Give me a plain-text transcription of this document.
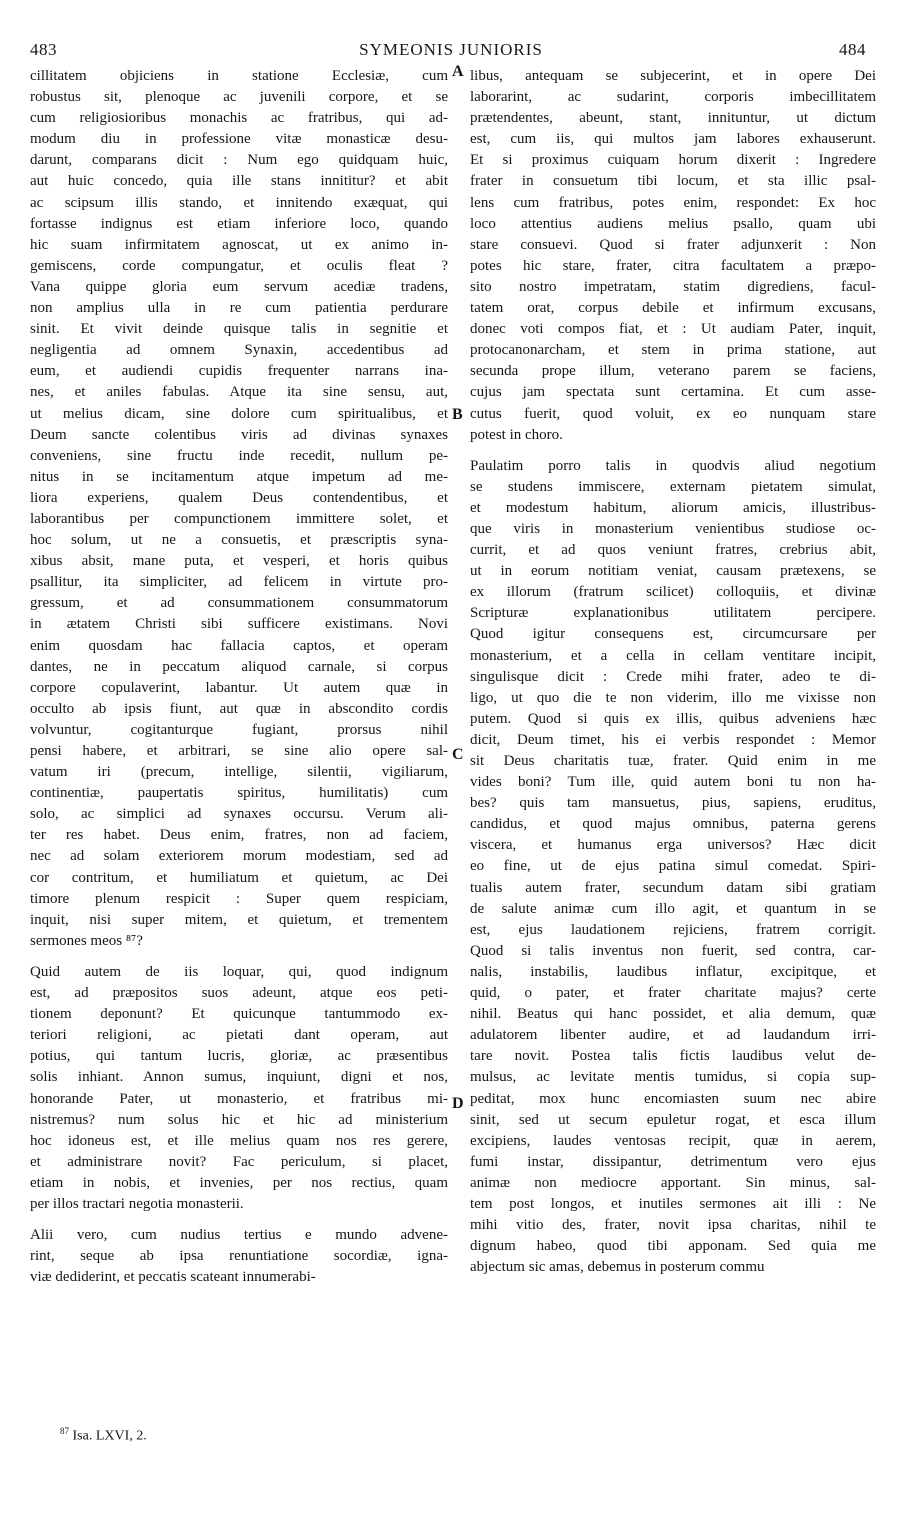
483	SYMEONIS JUNIORIS	484
cillitatem objiciens in statione Ecclesiæ, cum
robustus sit, plenoque ac juvenili corpore, et se
cum religiosioribus monachis ac fratribus, qui ad-
modum diu in professione vitæ monasticæ desu-
darunt, comparans dicit : Num ego quidquam huic,
aut huic concedo, quia ille stans innititur? et abit
ac scipsum illis stando, et innitendo exæquat, qui
fortasse indignus est etiam inferiore loco, quando
hic suam infirmitatem agnoscat, ut ex animo in-
gemiscens, corde compungatur, et oculis fleat ?
Vana quippe gloria eum servum acediæ tradens,
non amplius ulla in re cum patientia perdurare
sinit. Et vivit deinde quisque talis in segnitie et
negligentia ad omnem Synaxin, accedentibus ad
eum, et audiendi cupidis frequenter narrans ina-
nes, et aniles fabulas. Atque ita sine sensu, aut,
ut melius dicam, sine dolore cum spiritualibus, et
Deum sancte colentibus viris ad divinas synaxes
conveniens, sine fructu inde recedit, nullum pe-
nitus in se incitamentum atque impetum ad me-
liora experiens, qualem Deus contendentibus, et
laborantibus per compunctionem immittere solet, et
hoc solum, ut ne a consuetis, et præscriptis syna-
xibus absit, mane puta, et vesperi, et horis quibus
psallitur, ita simpliciter, ad felicem in virtute pro-
gressum, et ad consummationem consummatorum
in ætatem Christi sibi sufficere existimans. Novi
enim quosdam hac fallacia captos, et operam
dantes, ne in peccatum aliquod carnale, si corpus
corpore copulaverint, labantur. Ut autem quæ in
occulto ab ipsis fiunt, aut quæ in abscondito cordis
volvuntur, cogitanturque fugiant, prorsus nihil
pensi habere, et arbitrari, se sine alio opere sal-
vatum iri (precum, intellige, silentii, vigiliarum,
continentiæ, paupertatis spiritus, humilitatis) cum
solo, ac simplici ad synaxes occursu. Verum ali-
ter res habet. Deus enim, fratres, non ad faciem,
nec ad solam exteriorem morum modestiam, sed ad
cor contritum, et humiliatum et quietum, ac Dei
timore plenum respicit : Super quem respiciam,
inquit, nisi super mitem, et quietum, et trementem
sermones meos ⁸⁷?
Quid autem de iis loquar, qui, quod indignum
est, ad præpositos suos adeunt, atque eos peti-
tionem deponunt? Et quicunque tantummodo ex-
teriori religioni, ac pietati dant operam, aut
potius, qui tantum lucris, gloriæ, ac præsentibus
solis inhiant. Annon sumus, inquiunt, digni et nos,
honorande Pater, ut monasterio, et fratribus mi-
nistremus? num solus hic et hic ad ministerium
hoc idoneus est, et ille melius quam nos res gerere,
et administrare novit? Fac periculum, si placet,
etiam in nobis, et invenies, per nos rectius, quam
per illos tractari negotia monasterii.
Alii vero, cum nudius tertius e mundo advene-
rint, seque ab ipsa renuntiatione socordiæ, igna-
viæ dediderint, et peccatis scateant innumerabi-
libus, antequam se subjecerint, et in opere Dei
laborarint, ac sudarint, corporis imbecillitatem
prætendentes, abeunt, stant, innituntur, ut dictum
est, cum iis, qui multos jam labores exhauserunt.
Et si proximus cuiquam horum dixerit : Ingredere
frater in consuetum tibi locum, et sta illic psal-
lens cum fratribus, potes enim, respondet: Ex hoc
loco attentius audiens melius psallo, quam ubi
stare consuevi. Quod si frater adjunxerit : Non
potes hic stare, frater, citra facultatem a præpo-
sito nostro impetratam, statim digrediens, facul-
tatem orat, corpus debile et infirmum excusans,
donec voti compos fiat, et : Ut audiam Pater, inquit,
protocanonarcham, et stem in prima statione, aut
secunda prope illum, veterano parem se faciens,
cujus jam spectata sunt certamina. Et cum asse-
cutus fuerit, quod voluit, ex eo nunquam stare
potest in choro.
Paulatim porro talis in quodvis aliud negotium
se studens immiscere, externam pietatem simulat,
et modestum habitum, aliorum amicis, illustribus-
que viris in monasterium venientibus studiose oc-
currit, et ad quos veniunt fratres, crebrius abit,
ut in eorum notitiam veniat, causam prætexens, se
ex illorum (fratrum scilicet) colloquiis, et divinæ
Scripturæ explanationibus utilitatem percipere.
Quod igitur consequens est, circumcursare per
monasterium, et a cella in cellam ventitare incipit,
singulisque dicit : Crede mihi frater, adeo te di-
ligo, ut quo die te non viderim, illo me vixisse non
putem. Quod si quis ex illis, quibus adveniens hæc
dicit, Deum timet, his ei verbis respondet : Memor
sit Deus charitatis tuæ, frater. Quid enim in me
vides boni? Tum ille, quid autem boni tu non ha-
bes? quis tam mansuetus, pius, sapiens, eruditus,
candidus, et quod majus omnibus, paterna gerens
viscera, et humanus erga universos? Hæc dicit
eo fine, ut de ejus patina simul comedat. Spiri-
tualis autem frater, secundum datam sibi gratiam
de salute animæ cum illo agit, et quantum in se
est, ejus laudationem rejiciens, fratrem corrigit.
Quod si talis inventus non fuerit, sed contra, car-
nalis, instabilis, laudibus inflatur, excipitque, et
quid, o pater, et frater charitate majus? certe
nihil. Beatus qui hanc possidet, et alia demum, quæ
adulatorem libenter audire, et ad laudandum irri-
tare novit. Postea talis fictis laudibus velut de-
mulsus, ac levitate mentis tumidus, si copia sup-
peditat, mox hunc encomiasten suum nec abire
sinit, sed ut secum epuletur rogat, et esca illum
excipiens, laudes ventosas recipit, quæ in aerem,
fumi instar, dissipantur, detrimentum vero ejus
animæ non mediocre apportant. Sin minus, sal-
tem post longos, et inutiles sermones ait illi : Ne
mihi vitio des, frater, novit ipsa charitas, nihil te
dignum habeo, quod tibi apponam. Sed quia me
abjectum sic amas, debemus in posterum commu
A
B
C
D
$^{87}$ Isa. LXVI, 2.
